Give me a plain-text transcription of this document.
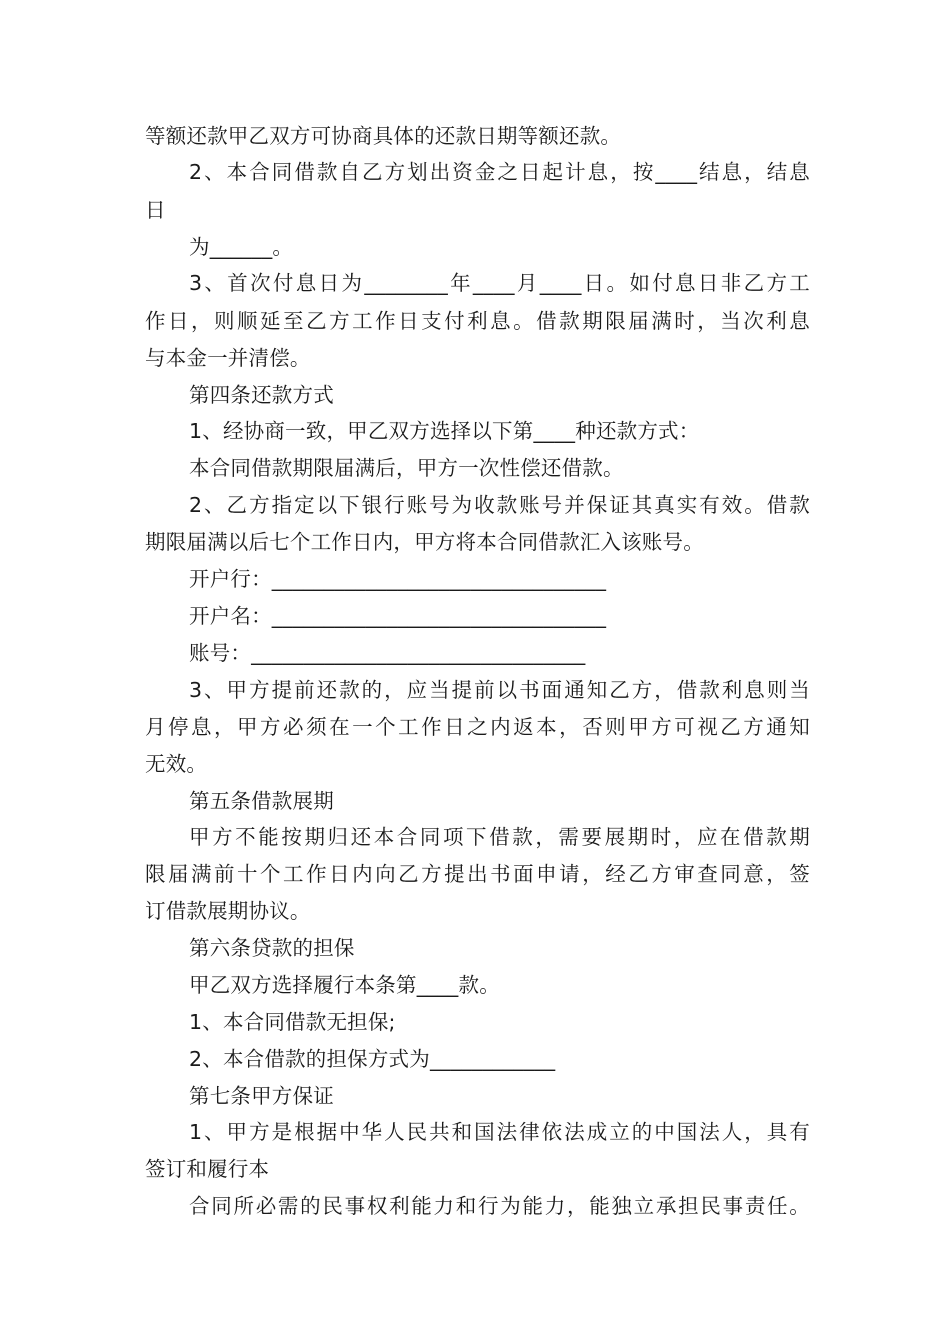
等额还款甲乙双方可协商具体的还款日期等额还款。
2、本合同借款自乙方划出资金之日起计息，按____结息，结息
日
为______。
3、首次付息日为________年____月____日。如付息日非乙方工
作日，则顺延至乙方工作日支付利息。借款期限届满时，当次利息
与本金一并清偿。
第四条还款方式
1、经协商一致，甲乙双方选择以下第____种还款方式：
本合同借款期限届满后，甲方一次性偿还借款。
2、乙方指定以下银行账号为收款账号并保证其真实有效。借款
期限届满以后七个工作日内，甲方将本合同借款汇入该账号。
开户行：________________________________
开户名：________________________________
账号：________________________________
3、甲方提前还款的，应当提前以书面通知乙方，借款利息则当
月停息，甲方必须在一个工作日之内返本，否则甲方可视乙方通知
无效。
第五条借款展期
甲方不能按期归还本合同项下借款，需要展期时，应在借款期
限届满前十个工作日内向乙方提出书面申请，经乙方审查同意，签
订借款展期协议。
第六条贷款的担保
甲乙双方选择履行本条第____款。
1、本合同借款无担保;
2、本合借款的担保方式为____________
第七条甲方保证
1、甲方是根据中华人民共和国法律依法成立的中国法人，具有
签订和履行本
合同所必需的民事权利能力和行为能力，能独立承担民事责任。
